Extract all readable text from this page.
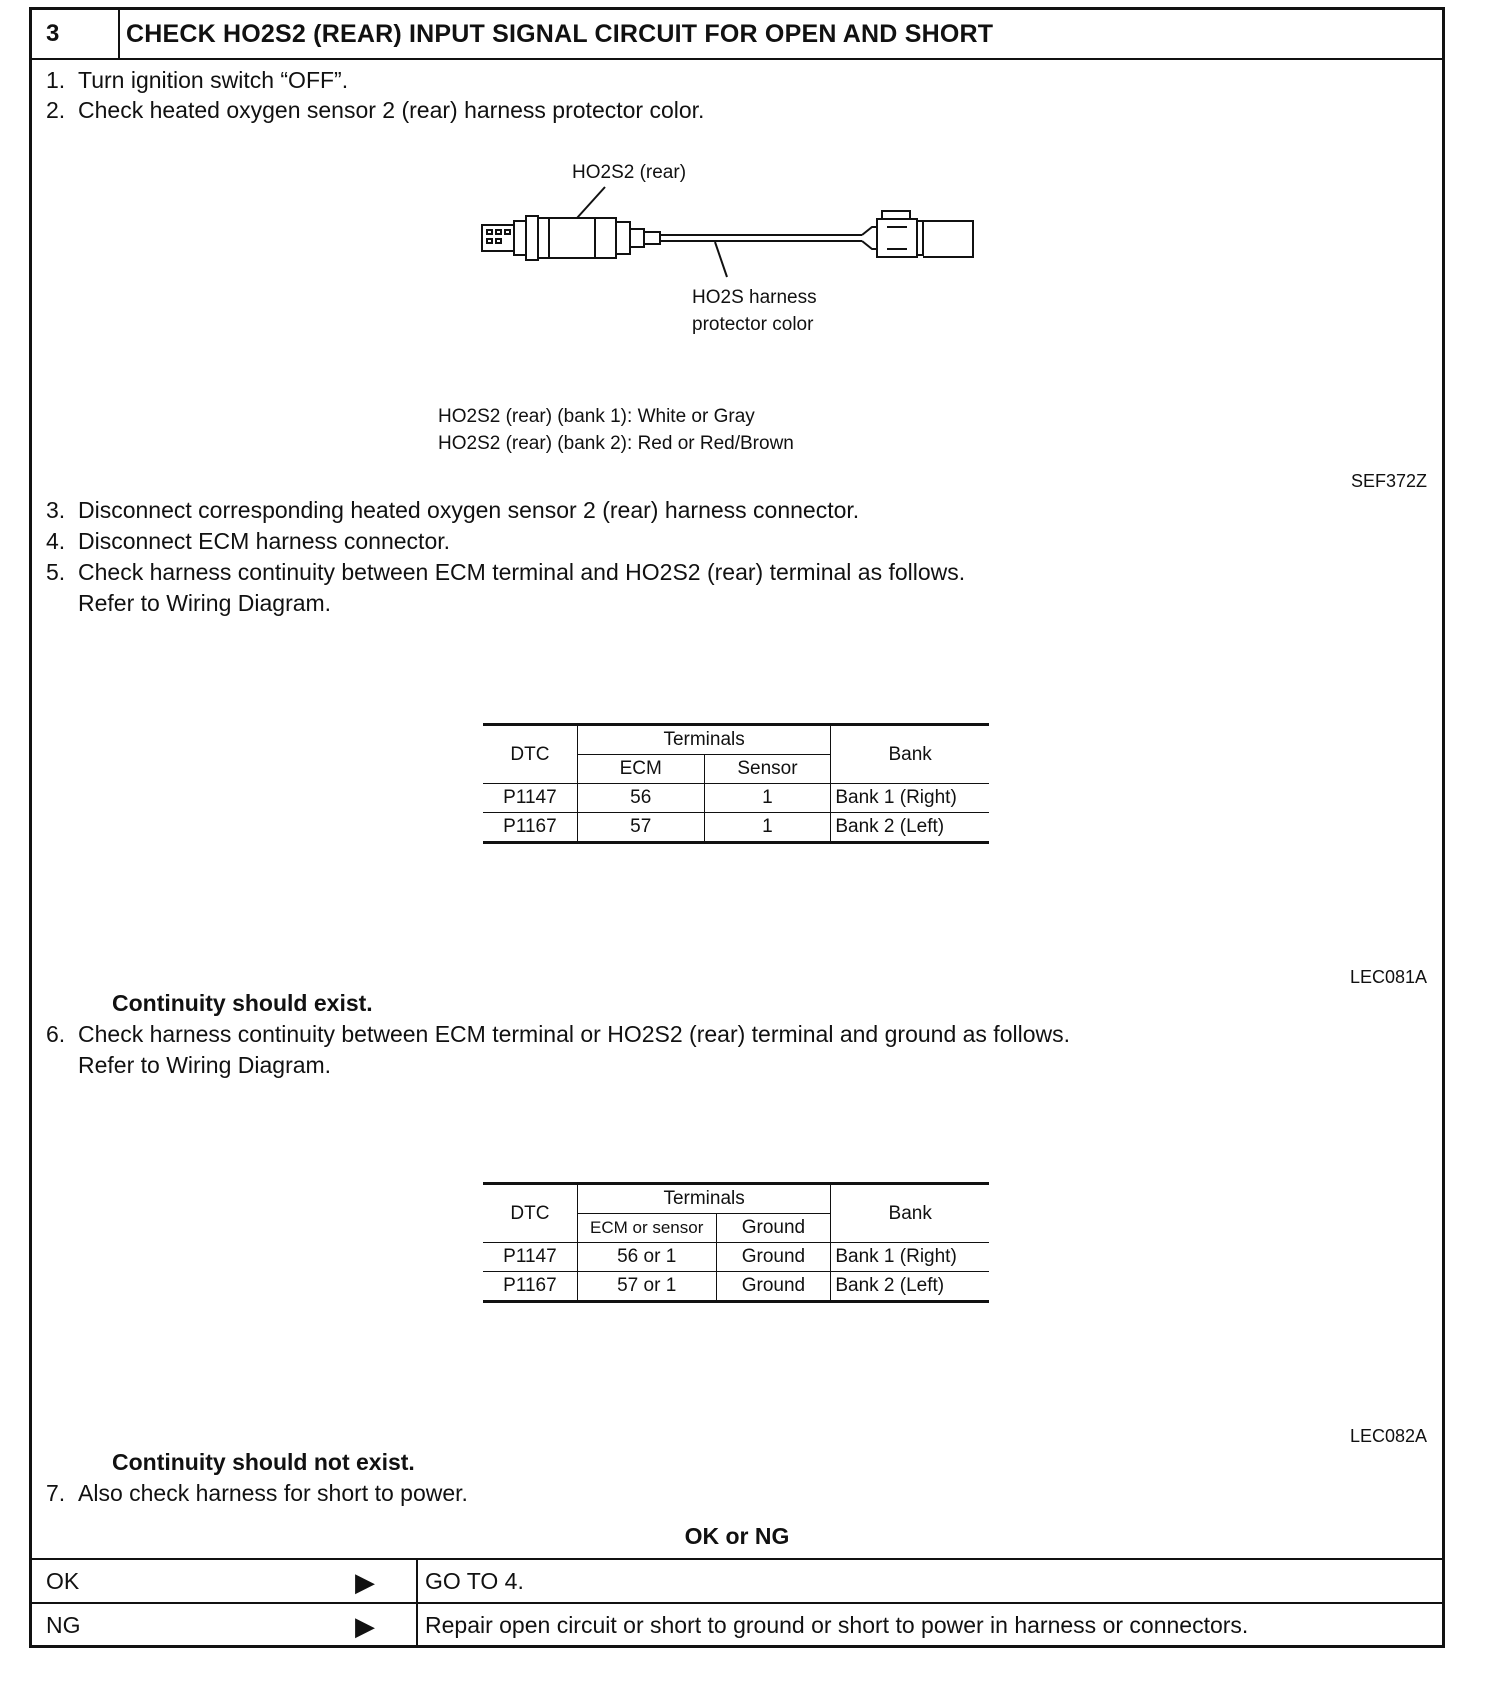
3	CHECK HO2S2 (REAR) INPUT SIGNAL CIRCUIT FOR OPEN AND SHORT
1. Turn ignition switch “OFF”.
2. Check heated oxygen sensor 2 (rear) harness protector color.
HO2S2 (rear)
HO2S harness
protector color
HO2S2 (rear) (bank 1): White or Gray
HO2S2 (rear) (bank 2): Red or Red/Brown
SEF372Z
3. Disconnect corresponding heated oxygen sensor 2 (rear) harness connector.
4. Disconnect ECM harness connector.
5. Check harness continuity between ECM terminal and HO2S2 (rear) terminal as follows.
Refer to Wiring Diagram.
DTC	Terminals		Bank
	ECM	Sensor	
P1147	56	1	Bank 1 (Right)
P1167	57	1	Bank 2 (Left)
LEC081A
Continuity should exist.
6. Check harness continuity between ECM terminal or HO2S2 (rear) terminal and ground as follows.
Refer to Wiring Diagram.
DTC	Terminals		Bank
	ECM or sensor	Ground	
P1147	56 or 1	Ground	Bank 1 (Right)
P1167	57 or 1	Ground	Bank 2 (Left)
LEC082A
Continuity should not exist.
7. Also check harness for short to power.
OK or NG
OK	▶ GO TO 4.
NG	▶ Repair open circuit or short to ground or short to power in harness or connectors.
